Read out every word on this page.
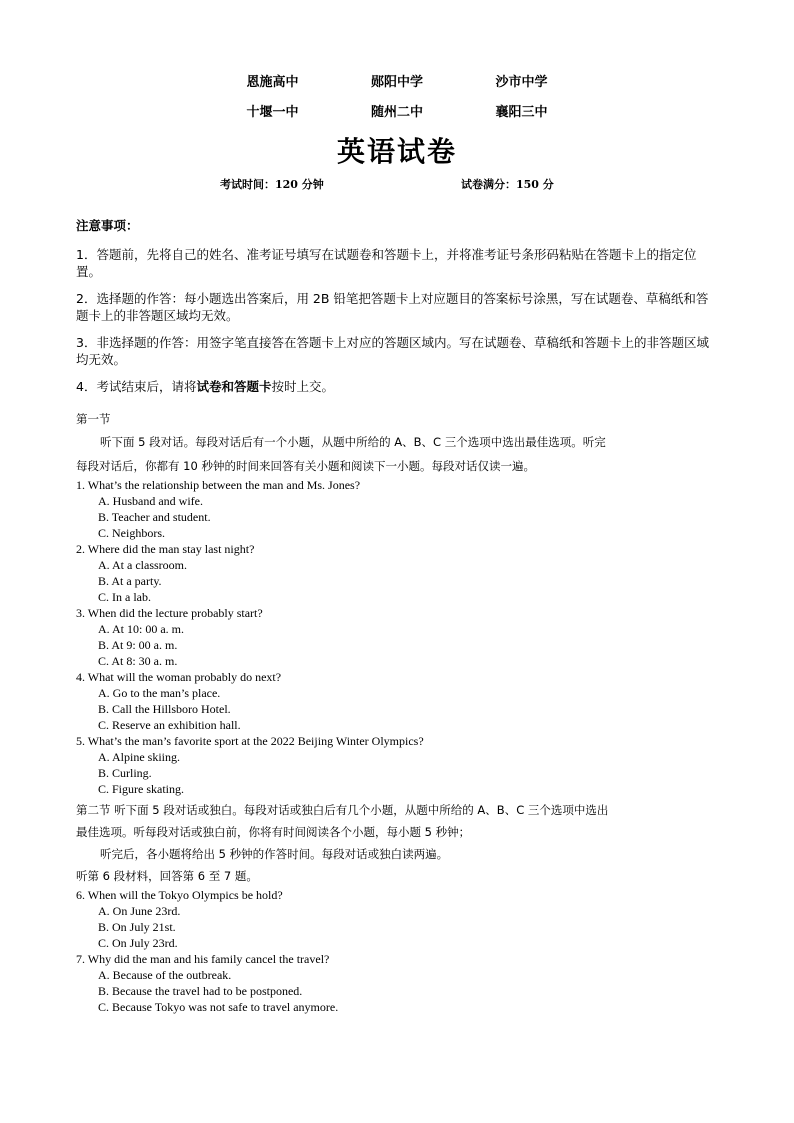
恩施高中	郧阳中学	沙市中学
十堰一中	随州二中	襄阳三中
英语试卷
考试时间：120 分钟	试卷满分：150 分
注意事项：

1．答题前，先将自己的姓名、准考证号填写在试题卷和答题卡上，并将准考证号条形码粘贴在答题卡上的指定位置。

2．选择题的作答：每小题选出答案后，用 2B 铅笔把答题卡上对应题目的答案标号涂黑，写在试题卷、草稿纸和答题卡上的非答题区域均无效。

3．非选择题的作答：用签字笔直接答在答题卡上对应的答题区域内。写在试题卷、草稿纸和答题卡上的非答题区域均无效。

4．考试结束后，请将试卷和答题卡按时上交。

第一节

听下面 5 段对话。每段对话后有一个小题，从题中所给的 A、B、C 三个选项中选出最佳选项。听完

每段对话后，你都有 10 秒钟的时间来回答有关小题和阅读下一小题。每段对话仅读一遍。

1. What’s the relationship between the man and Ms. Jones?
A. Husband and wife.
B. Teacher and student.
C. Neighbors.
2. Where did the man stay last night?
A. At a classroom.
B. At a party.
C. In a lab.
3. When did the lecture probably start?
A. At 10: 00 a. m.
B. At 9: 00 a. m.
C. At 8: 30 a. m.
4. What will the woman probably do next?
A. Go to the man’s place.
B. Call the Hillsboro Hotel.
C. Reserve an exhibition hall.
5. What’s the man’s favorite sport at the 2022 Beijing Winter Olympics?
A. Alpine skiing.
B. Curling.
C. Figure skating.
第二节 听下面 5 段对话或独白。每段对话或独白后有几个小题，从题中所给的 A、B、C 三个选项中选出
最佳选项。听每段对话或独白前，你将有时间阅读各个小题，每小题 5 秒钟；
听完后，各小题将给出 5 秒钟的作答时间。每段对话或独白读两遍。
听第 6 段材料，回答第 6 至 7 题。
6. When will the Tokyo Olympics be hold?
A. On June 23rd.
B. On July 21st.
C. On July 23rd.
7. Why did the man and his family cancel the travel?
A. Because of the outbreak.
B. Because the travel had to be postponed.
C. Because Tokyo was not safe to travel anymore.
